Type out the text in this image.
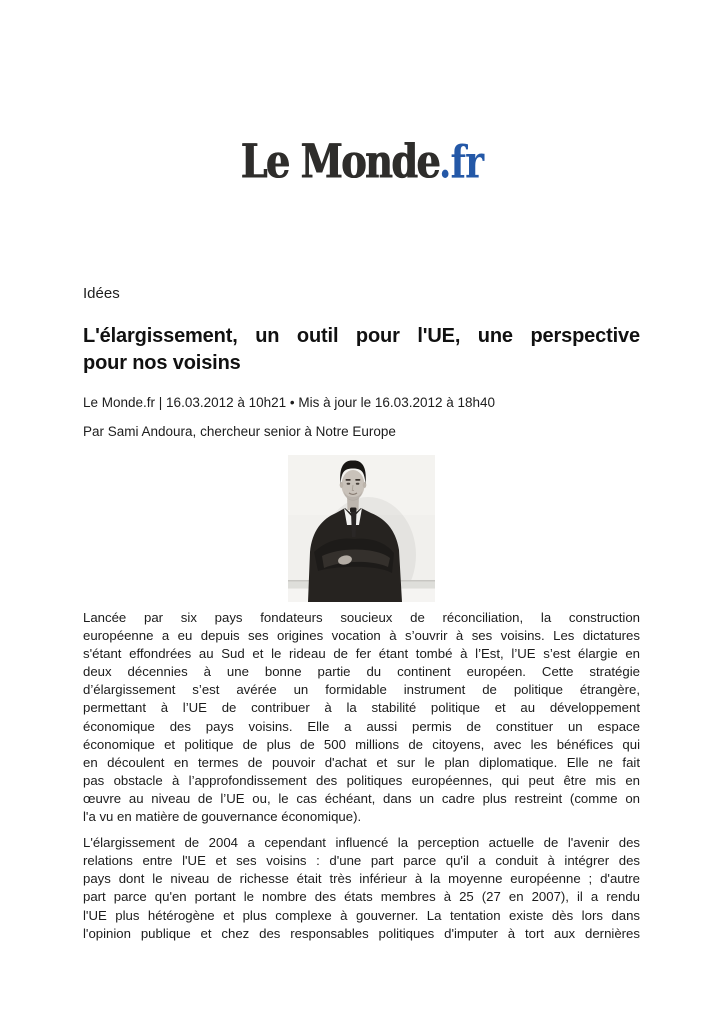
Le Monde.fr
Idées
L'élargissement, un outil pour l'UE, une perspective
pour nos voisins
Le Monde.fr | 16.03.2012 à 10h21 • Mis à jour le 16.03.2012 à 18h40
Par Sami Andoura, chercheur senior à Notre Europe
Lancée par six pays fondateurs soucieux de réconciliation, la construction
européenne a eu depuis ses origines vocation à s’ouvrir à ses voisins. Les dictatures
s'étant effondrées au Sud et le rideau de fer étant tombé à l’Est, l’UE s’est élargie en
deux décennies à une bonne partie du continent européen. Cette stratégie
d’élargissement s’est avérée un formidable instrument de politique étrangère,
permettant à l’UE de contribuer à la stabilité politique et au développement
économique des pays voisins. Elle a aussi permis de constituer un espace
économique et politique de plus de 500 millions de citoyens, avec les bénéfices qui
en découlent en termes de pouvoir d'achat et sur le plan diplomatique. Elle ne fait
pas obstacle à l’approfondissement des politiques européennes, qui peut être mis en
œuvre au niveau de l’UE ou, le cas échéant, dans un cadre plus restreint (comme on
l'a vu en matière de gouvernance économique).
L'élargissement de 2004 a cependant influencé la perception actuelle de l'avenir des
relations entre l'UE et ses voisins : d'une part parce qu'il a conduit à intégrer des
pays dont le niveau de richesse était très inférieur à la moyenne européenne ; d'autre
part parce qu'en portant le nombre des états membres à 25 (27 en 2007), il a rendu
l'UE plus hétérogène et plus complexe à gouverner. La tentation existe dès lors dans
l'opinion publique et chez des responsables politiques d'imputer à tort aux dernières
